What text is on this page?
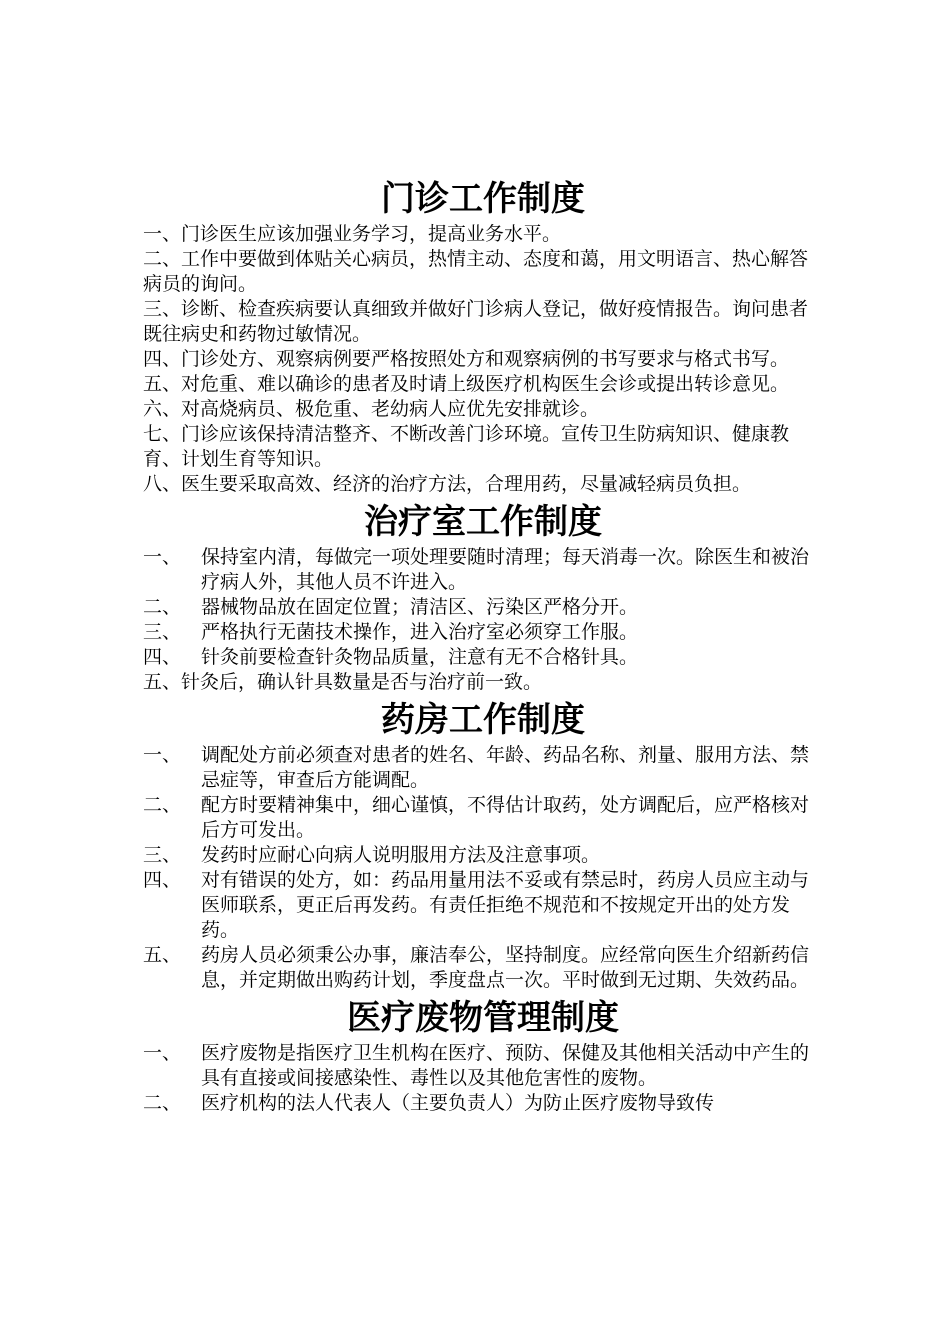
门诊工作制度
一、门诊医生应该加强业务学习，提高业务水平。
二、工作中要做到体贴关心病员，热情主动、态度和蔼，用文明语言、热心解答病员的询问。
三、诊断、检查疾病要认真细致并做好门诊病人登记，做好疫情报告。询问患者既往病史和药物过敏情况。
四、门诊处方、观察病例要严格按照处方和观察病例的书写要求与格式书写。
五、对危重、难以确诊的患者及时请上级医疗机构医生会诊或提出转诊意见。
六、对高烧病员、极危重、老幼病人应优先安排就诊。
七、门诊应该保持清洁整齐、不断改善门诊环境。宣传卫生防病知识、健康教育、计划生育等知识。
八、医生要采取高效、经济的治疗方法，合理用药，尽量减轻病员负担。
治疗室工作制度
一、	保持室内清，每做完一项处理要随时清理；每天消毒一次。除医生和被治疗病人外，其他人员不许进入。
二、	器械物品放在固定位置；清洁区、污染区严格分开。
三、	严格执行无菌技术操作，进入治疗室必须穿工作服。
四、	针灸前要检查针灸物品质量，注意有无不合格针具。
五、 针灸后，确认针具数量是否与治疗前一致。
药房工作制度
一、	调配处方前必须查对患者的姓名、年龄、药品名称、剂量、服用方法、禁忌症等，审查后方能调配。
二、	配方时要精神集中，细心谨慎，不得估计取药，处方调配后，应严格核对后方可发出。
三、	发药时应耐心向病人说明服用方法及注意事项。
四、	对有错误的处方，如：药品用量用法不妥或有禁忌时，药房人员应主动与医师联系，更正后再发药。有责任拒绝不规范和不按规定开出的处方发药。
五、	药房人员必须秉公办事，廉洁奉公，坚持制度。应经常向医生介绍新药信息，并定期做出购药计划，季度盘点一次。平时做到无过期、失效药品。
医疗废物管理制度
一、	医疗废物是指医疗卫生机构在医疗、预防、保健及其他相关活动中产生的具有直接或间接感染性、毒性以及其他危害性的废物。
二、	医疗机构的法人代表人（主要负责人）为防止医疗废物导致传
